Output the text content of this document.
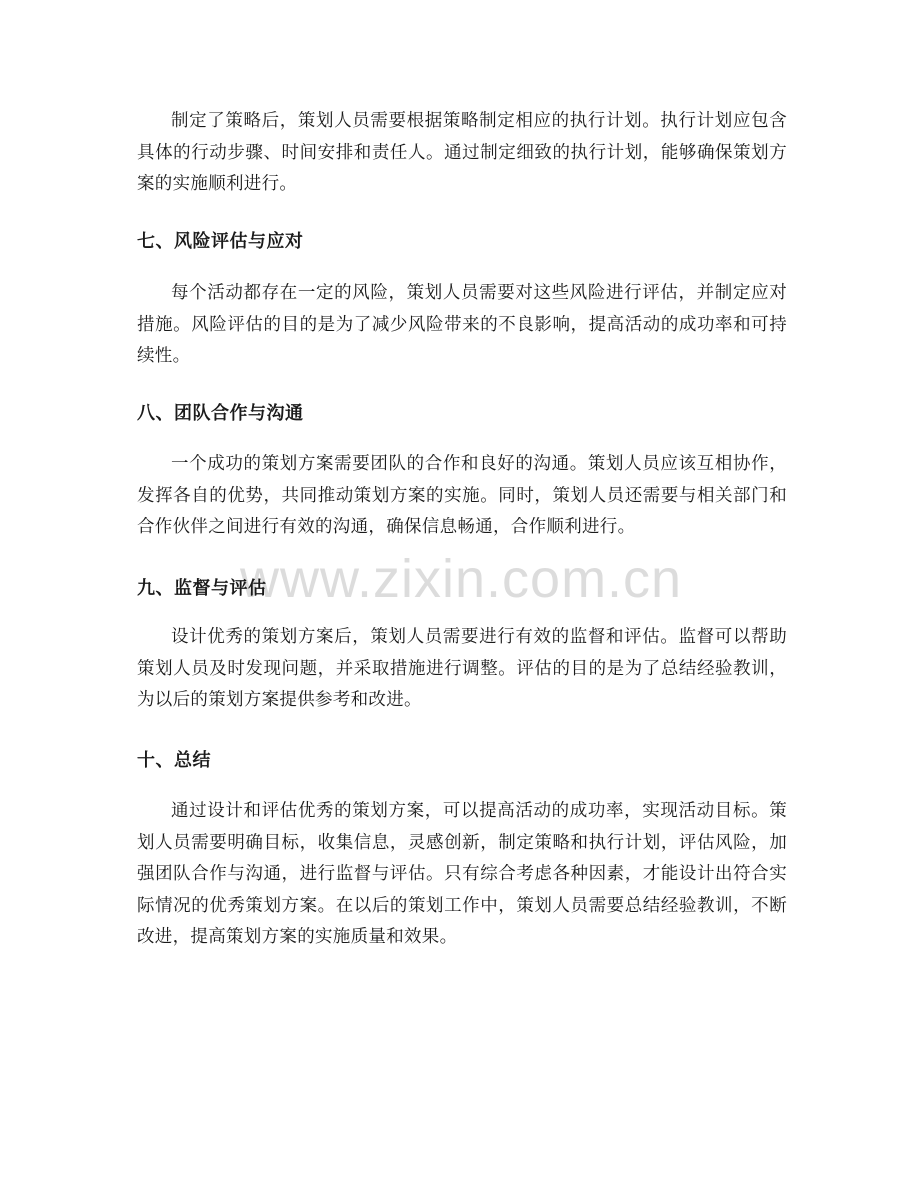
www.zixin.com.cn

制定了策略后，策划人员需要根据策略制定相应的执行计划。执行计划应包含具体的行动步骤、时间安排和责任人。通过制定细致的执行计划，能够确保策划方案的实施顺利进行。

七、风险评估与应对

每个活动都存在一定的风险，策划人员需要对这些风险进行评估，并制定应对措施。风险评估的目的是为了减少风险带来的不良影响，提高活动的成功率和可持续性。

八、团队合作与沟通

一个成功的策划方案需要团队的合作和良好的沟通。策划人员应该互相协作，发挥各自的优势，共同推动策划方案的实施。同时，策划人员还需要与相关部门和合作伙伴之间进行有效的沟通，确保信息畅通，合作顺利进行。

九、监督与评估

设计优秀的策划方案后，策划人员需要进行有效的监督和评估。监督可以帮助策划人员及时发现问题，并采取措施进行调整。评估的目的是为了总结经验教训，为以后的策划方案提供参考和改进。

十、总结

通过设计和评估优秀的策划方案，可以提高活动的成功率，实现活动目标。策划人员需要明确目标，收集信息，灵感创新，制定策略和执行计划，评估风险，加强团队合作与沟通，进行监督与评估。只有综合考虑各种因素，才能设计出符合实际情况的优秀策划方案。在以后的策划工作中，策划人员需要总结经验教训，不断改进，提高策划方案的实施质量和效果。
